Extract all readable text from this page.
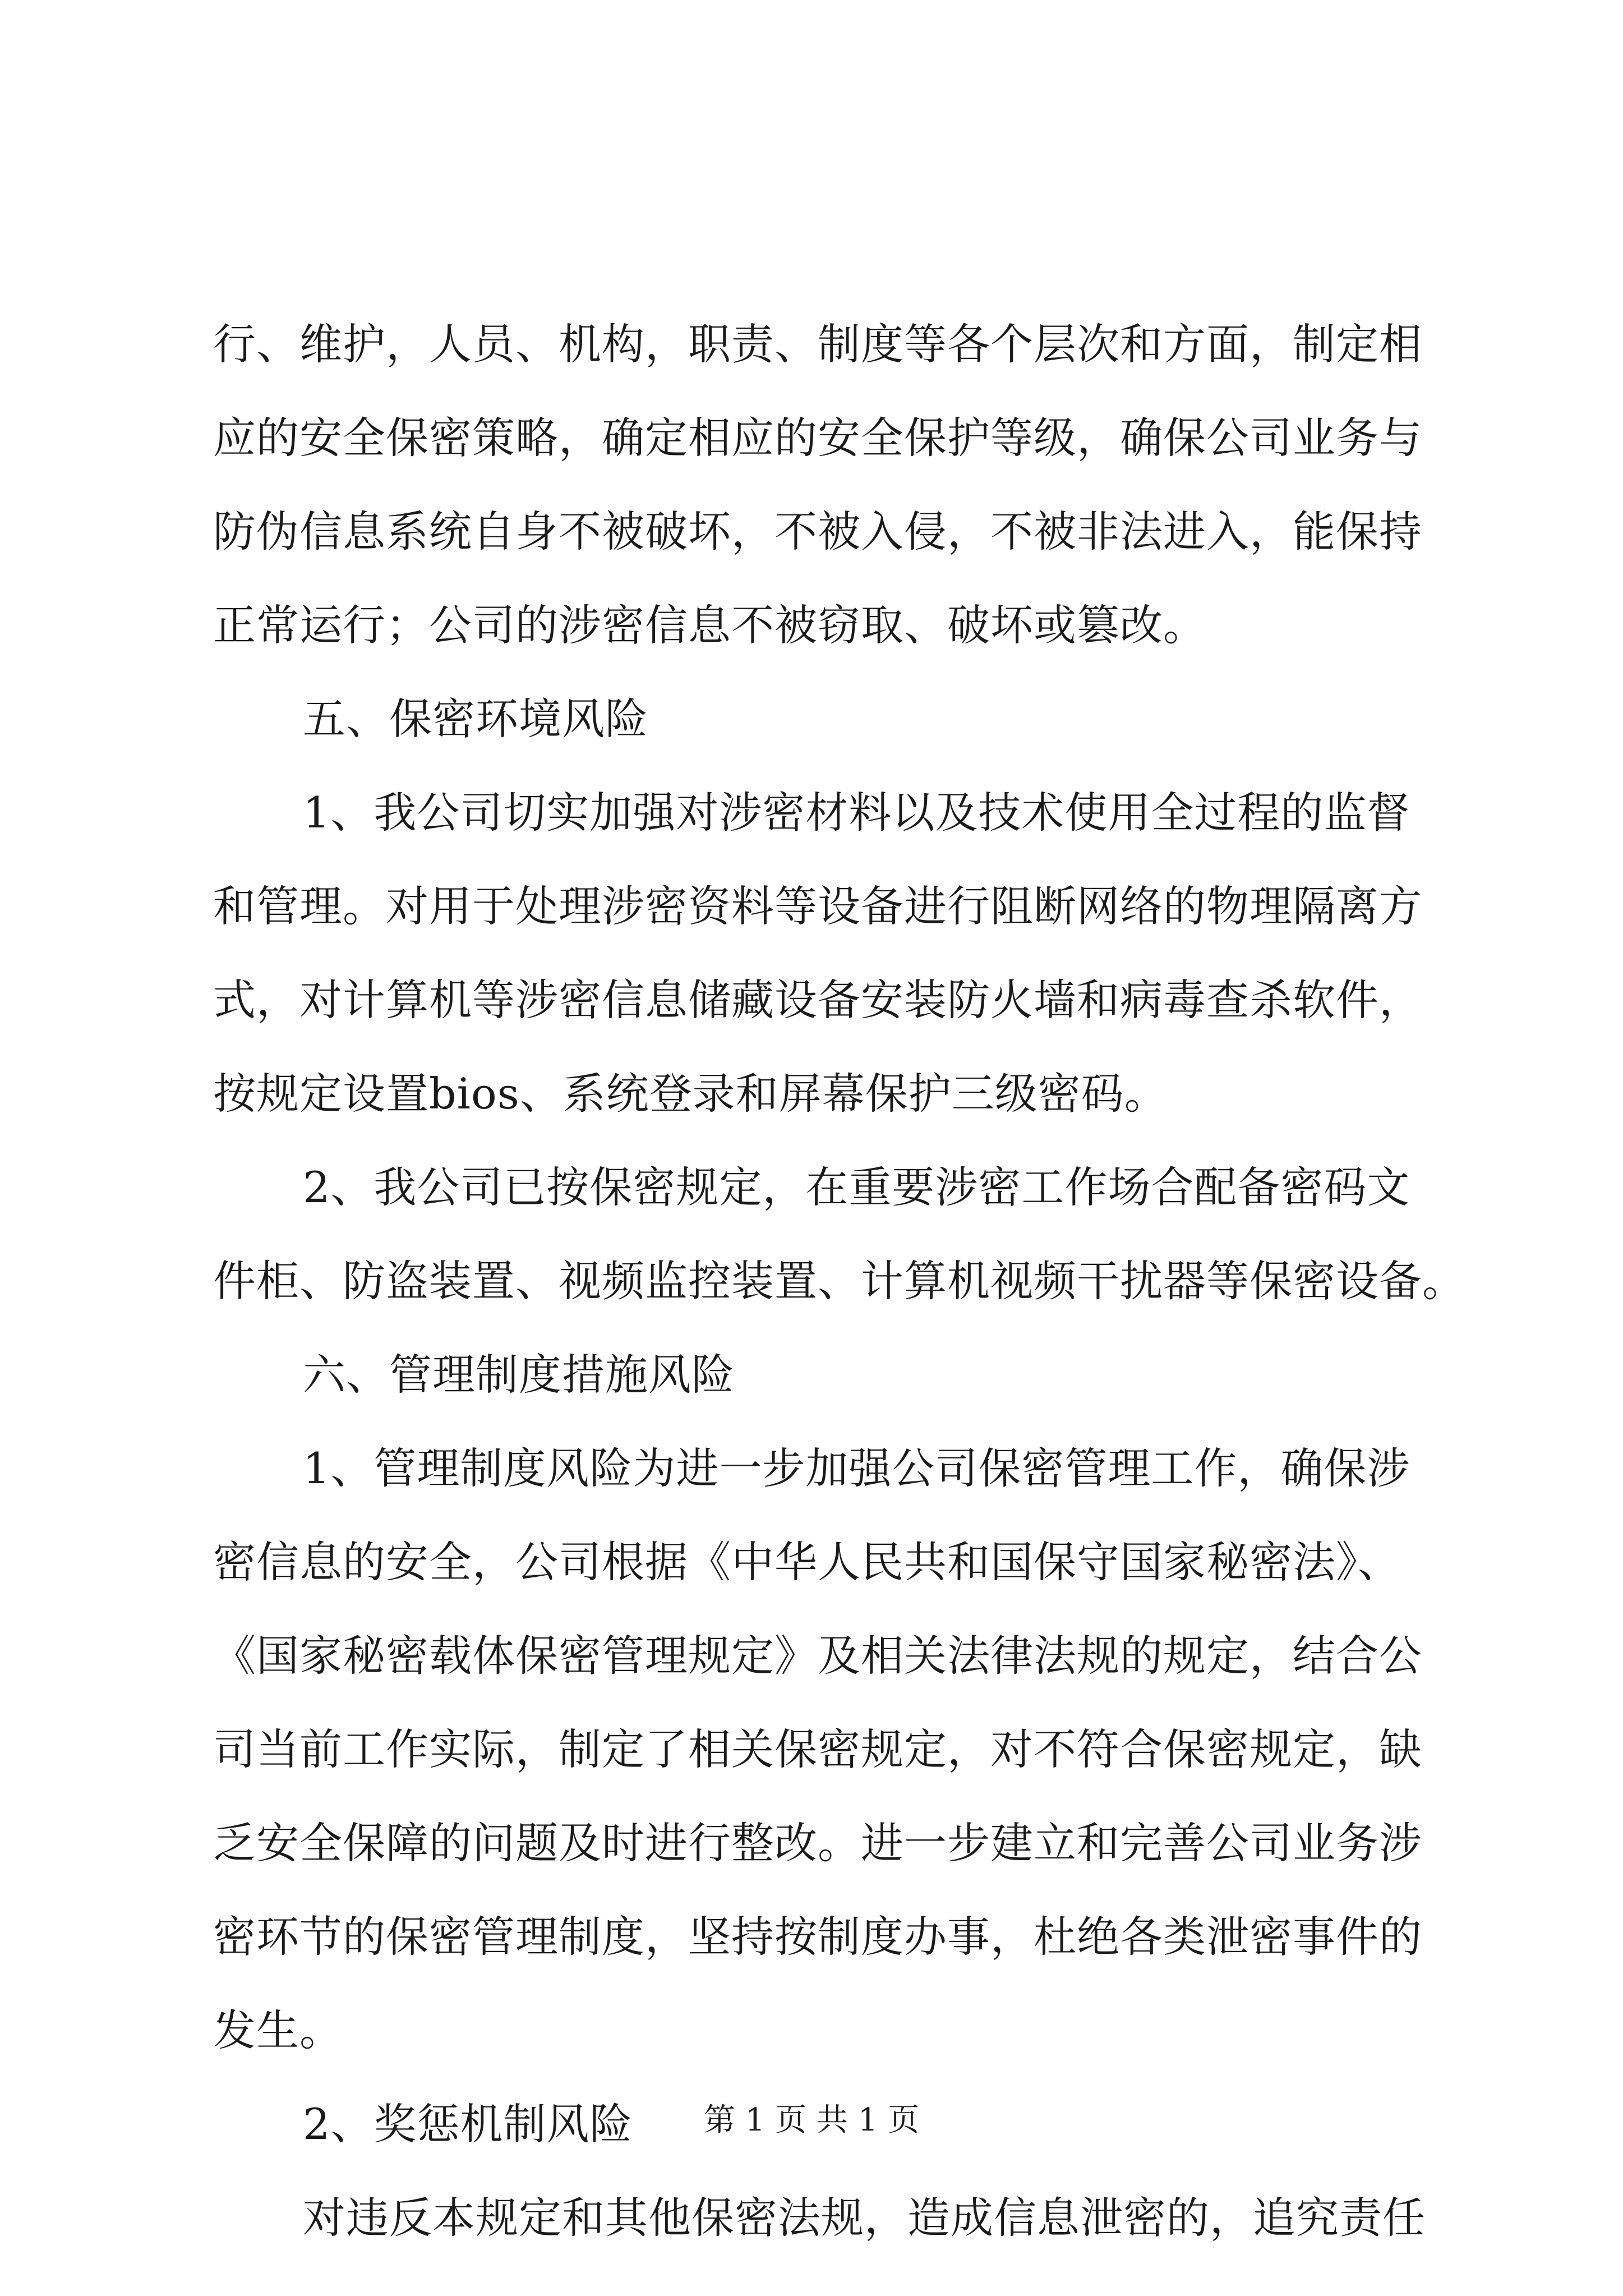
行、维护，人员、机构，职责、制度等各个层次和方面，制定相
应的安全保密策略，确定相应的安全保护等级，确保公司业务与
防伪信息系统自身不被破坏，不被入侵，不被非法进入，能保持
正常运行；公司的涉密信息不被窃取、破坏或篡改。
五、保密环境风险
1、我公司切实加强对涉密材料以及技术使用全过程的监督
和管理。对用于处理涉密资料等设备进行阻断网络的物理隔离方
式，对计算机等涉密信息储藏设备安装防火墙和病毒查杀软件，
按规定设置bios、系统登录和屏幕保护三级密码。
2、我公司已按保密规定，在重要涉密工作场合配备密码文
件柜、防盗装置、视频监控装置、计算机视频干扰器等保密设备。
六、管理制度措施风险
1、管理制度风险为进一步加强公司保密管理工作，确保涉
密信息的安全，公司根据《中华人民共和国保守国家秘密法》、
《国家秘密载体保密管理规定》及相关法律法规的规定，结合公
司当前工作实际，制定了相关保密规定，对不符合保密规定，缺
乏安全保障的问题及时进行整改。进一步建立和完善公司业务涉
密环节的保密管理制度，坚持按制度办事，杜绝各类泄密事件的
发生。
2、奖惩机制风险
对违反本规定和其他保密法规，造成信息泄密的，追究责任
第 1 页 共 1 页
